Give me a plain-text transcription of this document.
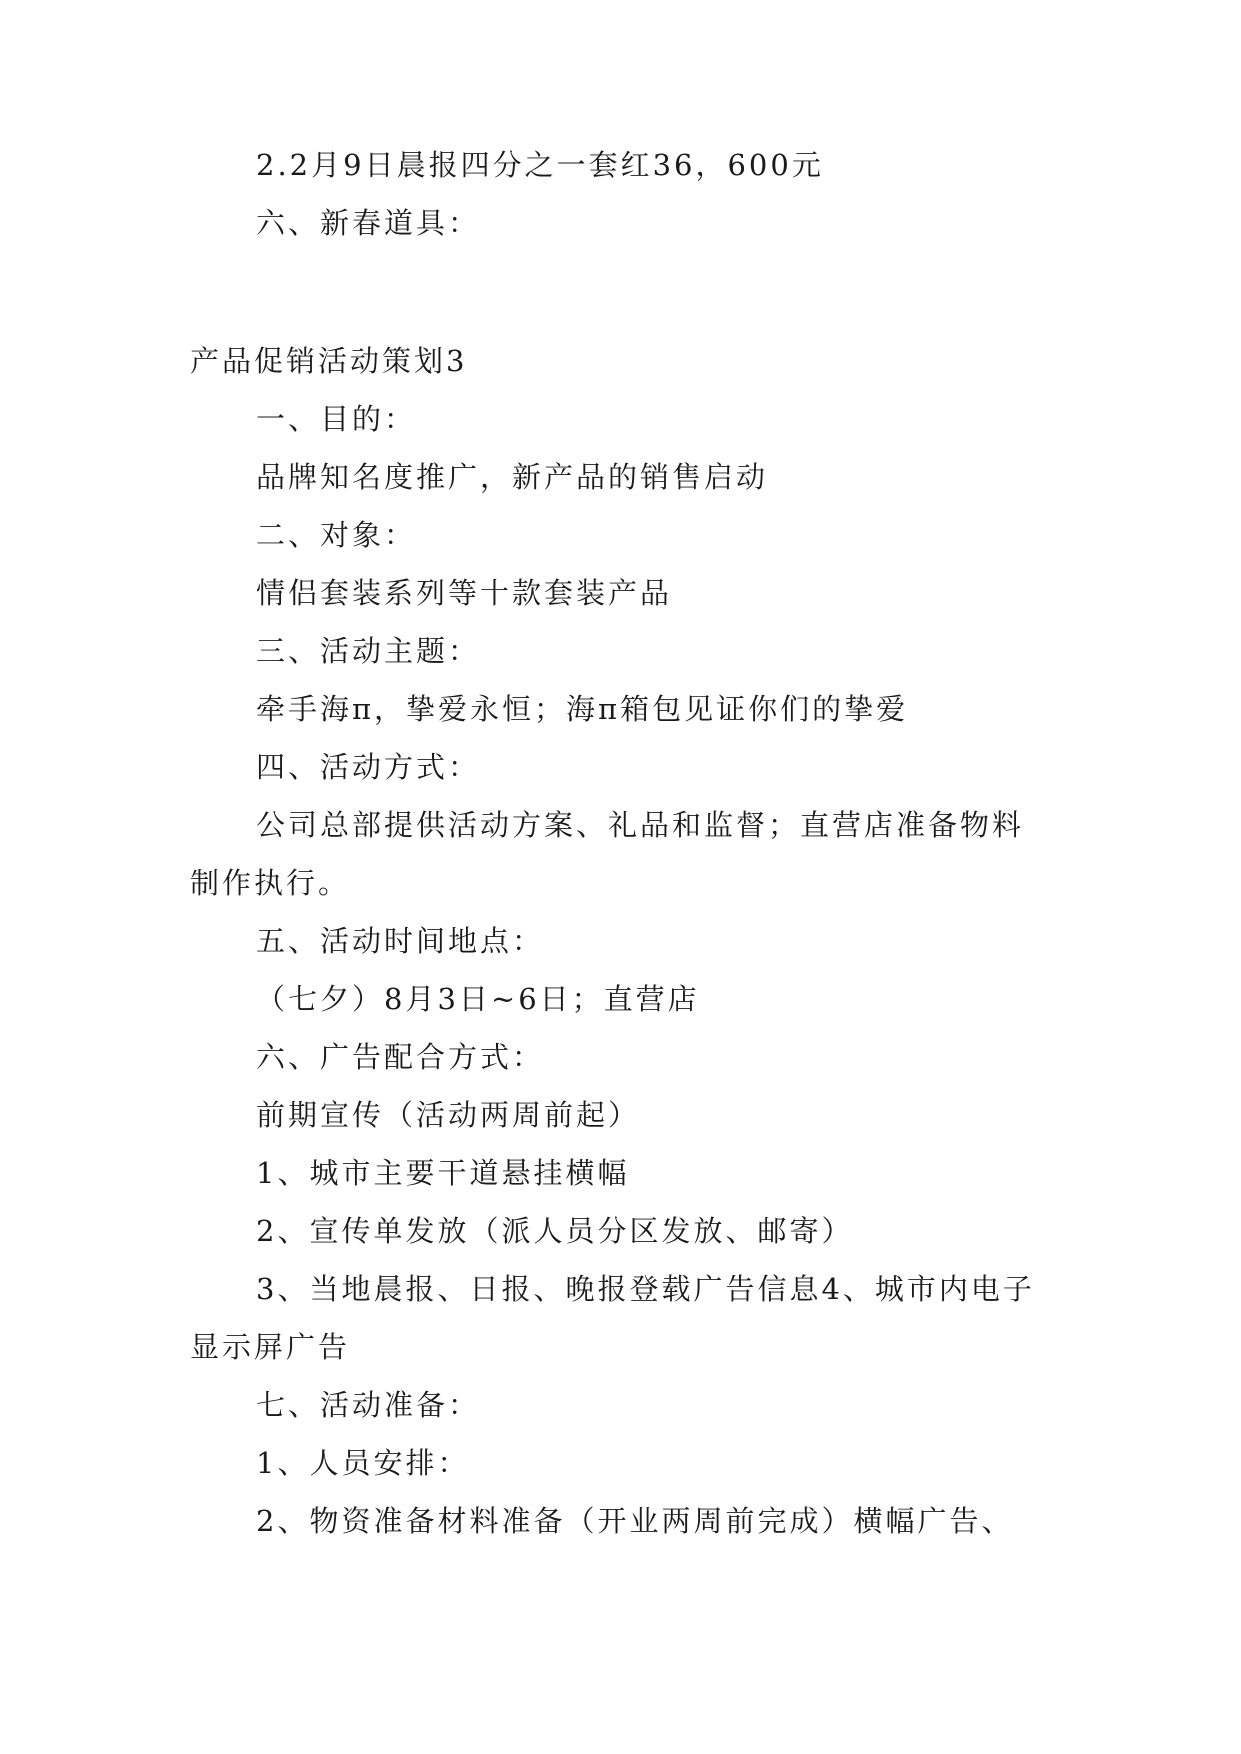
2.2月9日晨报四分之一套红36，600元

六、新春道具：

产品促销活动策划3

一、目的：

品牌知名度推广，新产品的销售启动

二、对象：

情侣套装系列等十款套装产品

三、活动主题：

牵手海π，挚爱永恒；海π箱包见证你们的挚爱

四、活动方式：

公司总部提供活动方案、礼品和监督；直营店准备物料

制作执行。

五、活动时间地点：

（七夕）8月3日~6日；直营店

六、广告配合方式：

前期宣传（活动两周前起）

1、城市主要干道悬挂横幅

2、宣传单发放（派人员分区发放、邮寄）

3、当地晨报、日报、晚报登载广告信息4、城市内电子

显示屏广告

七、活动准备：

1、人员安排：

2、物资准备材料准备（开业两周前完成）横幅广告、
